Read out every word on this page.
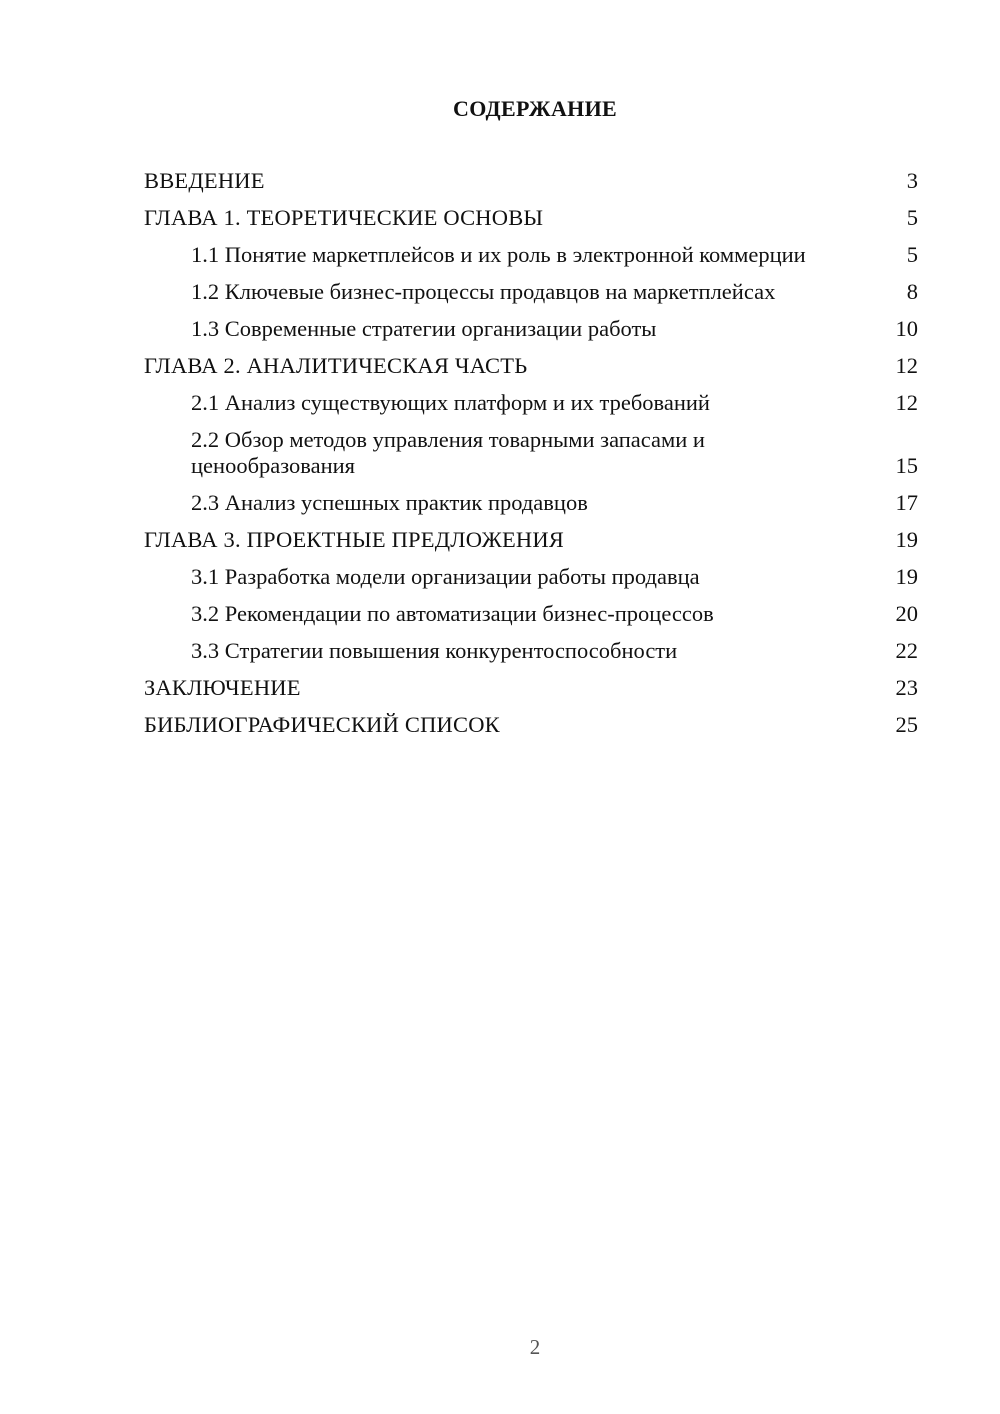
СОДЕРЖАНИЕ
ВВЕДЕНИЕ	3
ГЛАВА 1. ТЕОРЕТИЧЕСКИЕ ОСНОВЫ	5
1.1 Понятие маркетплейсов и их роль в электронной коммерции	5
1.2 Ключевые бизнес-процессы продавцов на маркетплейсах	8
1.3 Современные стратегии организации работы	10
ГЛАВА 2. АНАЛИТИЧЕСКАЯ ЧАСТЬ	12
2.1 Анализ существующих платформ и их требований	12
2.2 Обзор методов управления товарными запасами и ценообразования	15
2.3 Анализ успешных практик продавцов	17
ГЛАВА 3. ПРОЕКТНЫЕ ПРЕДЛОЖЕНИЯ	19
3.1 Разработка модели организации работы продавца	19
3.2 Рекомендации по автоматизации бизнес-процессов	20
3.3 Стратегии повышения конкурентоспособности	22
ЗАКЛЮЧЕНИЕ	23
БИБЛИОГРАФИЧЕСКИЙ СПИСОК	25
2
